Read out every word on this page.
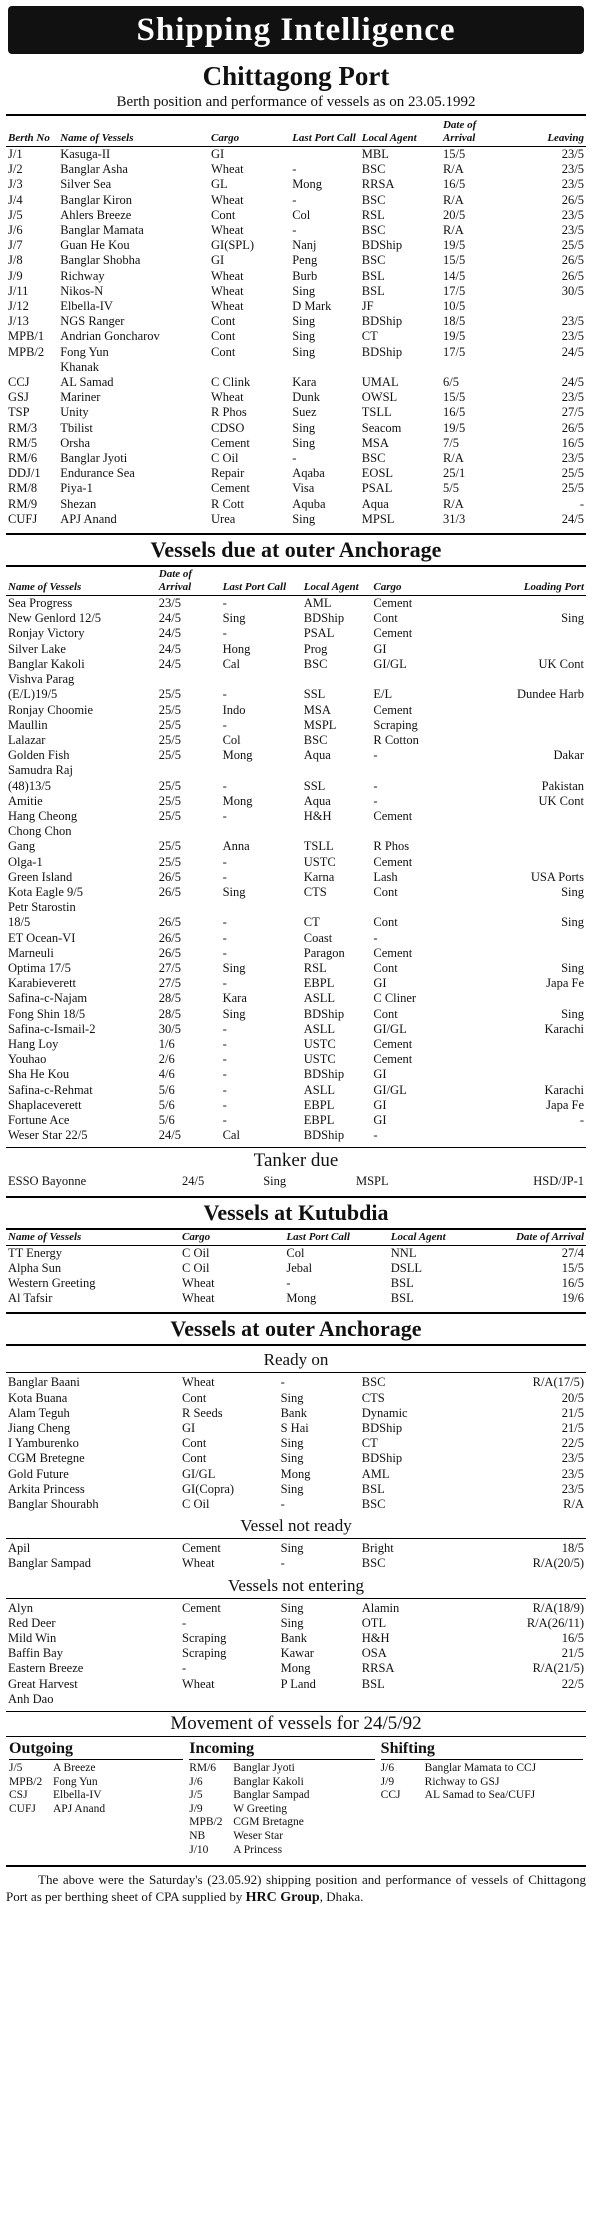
Shipping Intelligence
Chittagong Port
Berth position and performance of vessels as on 23.05.1992
Berth No	Name of Vessels	Cargo	Last Port Call	Local Agent	Date of Arrival	Leaving
J/1	Kasuga-II	GI		MBL	15/5	23/5
J/2	Banglar Asha	Wheat	-	BSC	R/A	23/5
J/3	Silver Sea	GL	Mong	RRSA	16/5	23/5
J/4	Banglar Kiron	Wheat	-	BSC	R/A	26/5
J/5	Ahlers Breeze	Cont	Col	RSL	20/5	23/5
J/6	Banglar Mamata	Wheat	-	BSC	R/A	23/5
J/7	Guan He Kou	GI(SPL)	Nanj	BDShip	19/5	25/5
J/8	Banglar Shobha	GI	Peng	BSC	15/5	26/5
J/9	Richway	Wheat	Burb	BSL	14/5	26/5
J/11	Nikos-N	Wheat	Sing	BSL	17/5	30/5
J/12	Elbella-IV	Wheat	D Mark	JF	10/5	
J/13	NGS Ranger	Cont	Sing	BDShip	18/5	23/5
MPB/1	Andrian Goncharov	Cont	Sing	CT	19/5	23/5
MPB/2	Fong Yun	Cont	Sing	BDShip	17/5	24/5
	Khanak					
CCJ	AL Samad	C Clink	Kara	UMAL	6/5	24/5
GSJ	Mariner	Wheat	Dunk	OWSL	15/5	23/5
TSP	Unity	R Phos	Suez	TSLL	16/5	27/5
RM/3	Tbilist	CDSO	Sing	Seacom	19/5	26/5
RM/5	Orsha	Cement	Sing	MSA	7/5	16/5
RM/6	Banglar Jyoti	C Oil	-	BSC	R/A	23/5
DDJ/1	Endurance Sea	Repair	Aqaba	EOSL	25/1	25/5
RM/8	Piya-1	Cement	Visa	PSAL	5/5	25/5
RM/9	Shezan	R Cott	Aquba	Aqua	R/A	-
CUFJ	APJ Anand	Urea	Sing	MPSL	31/3	24/5
Vessels due at outer Anchorage
Name of Vessels	Date of Arrival	Last Port Call	Local Agent	Cargo	Loading Port
Sea Progress	23/5	-	AML	Cement	
New Genlord 12/5	24/5	Sing	BDShip	Cont	Sing
Ronjay Victory	24/5	-	PSAL	Cement	
Silver Lake	24/5	Hong	Prog	GI	
Banglar Kakoli	24/5	Cal	BSC	GI/GL	UK Cont
Vishva Parag					
(E/L)19/5	25/5	-	SSL	E/L	Dundee Harb
Ronjay Choomie	25/5	Indo	MSA	Cement	
Maullin	25/5	-	MSPL	Scraping	
Lalazar	25/5	Col	BSC	R Cotton	
Golden Fish	25/5	Mong	Aqua	-	Dakar
Samudra Raj					
(48)13/5	25/5	-	SSL	-	Pakistan
Amitie	25/5	Mong	Aqua	-	UK Cont
Hang Cheong	25/5	-	H&H	Cement	
Chong Chon					
Gang	25/5	Anna	TSLL	R Phos	
Olga-1	25/5	-	USTC	Cement	
Green Island	26/5	-	Karna	Lash	USA Ports
Kota Eagle 9/5	26/5	Sing	CTS	Cont	Sing
Petr Starostin					
18/5	26/5	-	CT	Cont	Sing
ET Ocean-VI	26/5	-	Coast	-	
Marneuli	26/5	-	Paragon	Cement	
Optima 17/5	27/5	Sing	RSL	Cont	Sing
Karabieverett	27/5	-	EBPL	GI	Japa Fe
Safina-c-Najam	28/5	Kara	ASLL	C Cliner	
Fong Shin 18/5	28/5	Sing	BDShip	Cont	Sing
Safina-c-Ismail-2	30/5	-	ASLL	GI/GL	Karachi
Hang Loy	1/6	-	USTC	Cement	
Youhao	2/6	-	USTC	Cement	
Sha He Kou	4/6	-	BDShip	GI	
Safina-c-Rehmat	5/6	-	ASLL	GI/GL	Karachi
Shaplaceverett	5/6	-	EBPL	GI	Japa Fe
Fortune Ace	5/6	-	EBPL	GI	-
Weser Star 22/5	24/5	Cal	BDShip	-	
Tanker due
ESSO Bayonne	24/5	Sing	MSPL	HSD/JP-1
Vessels at Kutubdia
Name of Vessels	Cargo	Last Port Call	Local Agent	Date of Arrival
TT Energy	C Oil	Col	NNL	27/4
Alpha Sun	C Oil	Jebal	DSLL	15/5
Western Greeting	Wheat	-	BSL	16/5
Al Tafsir	Wheat	Mong	BSL	19/6
Vessels at outer Anchorage
Ready on
Banglar Baani	Wheat	-	BSC	R/A(17/5)
Kota Buana	Cont	Sing	CTS	20/5
Alam Teguh	R Seeds	Bank	Dynamic	21/5
Jiang Cheng	GI	S Hai	BDShip	21/5
I Yamburenko	Cont	Sing	CT	22/5
CGM Bretegne	Cont	Sing	BDShip	23/5
Gold Future	GI/GL	Mong	AML	23/5
Arkita Princess	GI(Copra)	Sing	BSL	23/5
Banglar Shourabh	C Oil	-	BSC	R/A
Vessel not ready
Apil	Cement	Sing	Bright	18/5
Banglar Sampad	Wheat	-	BSC	R/A(20/5)
Vessels not entering
Alyn	Cement	Sing	Alamin	R/A(18/9)
Red Deer	-	Sing	OTL	R/A(26/11)
Mild Win	Scraping	Bank	H&H	16/5
Baffin Bay	Scraping	Kawar	OSA	21/5
Eastern Breeze	-	Mong	RRSA	R/A(21/5)
Great Harvest	Wheat	P Land	BSL	22/5
Anh Dao				
Movement of vessels for 24/5/92
Outgoing
J/5	A Breeze
MPB/2 Fong Yun
CSJ	Elbella-IV
CUFJ	APJ Anand
Incoming
RM/6	Banglar Jyoti
J/6	Banglar Kakoli
J/5	Banglar Sampad
J/9	W Greeting
MPB/2 CGM Bretagne
NB	Weser Star
J/10	A Princess
Shifting
J/6	Banglar Mamata to CCJ
J/9	Richway to GSJ
CCJ	AL Samad to Sea/CUFJ
The above were the Saturday's (23.05.92) shipping position and performance of vessels of Chittagong Port as per berthing sheet of CPA supplied by HRC Group, Dhaka.
